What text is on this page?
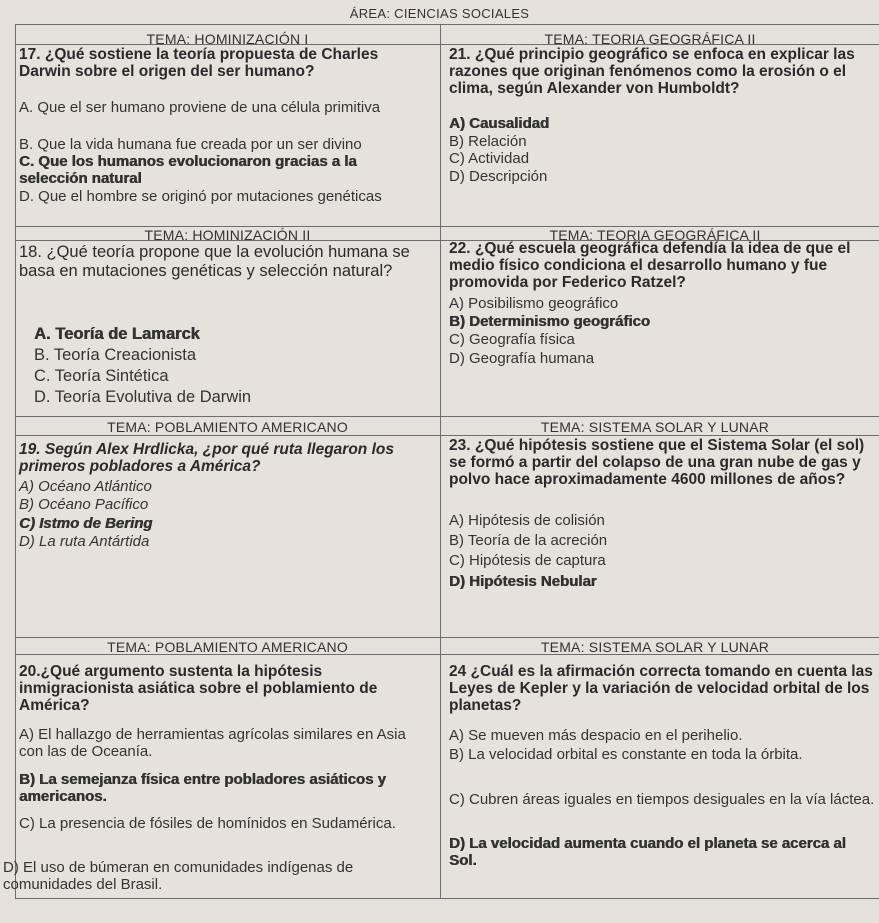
ÁREA: CIENCIAS SOCIALES
TEMA: HOMINIZACIÓN I
17. ¿Qué sostiene la teoría propuesta de Charles Darwin sobre el origen del ser humano?
A. Que el ser humano proviene de una célula primitiva
B. Que la vida humana fue creada por un ser divino
C. Que los humanos evolucionaron gracias a la selección natural
D. Que el hombre se originó por mutaciones genéticas
TEMA: TEORIA GEOGRÁFICA II
21. ¿Qué principio geográfico se enfoca en explicar las razones que originan fenómenos como la erosión o el clima, según Alexander von Humboldt?
A) Causalidad
B) Relación
C) Actividad
D) Descripción
TEMA: HOMINIZACIÓN II
18. ¿Qué teoría propone que la evolución humana se basa en mutaciones genéticas y selección natural?
A. Teoría de Lamarck
B. Teoría Creacionista
C. Teoría Sintética
D. Teoría Evolutiva de Darwin
TEMA: TEORIA GEOGRÁFICA II
22. ¿Qué escuela geográfica defendía la idea de que el medio físico condiciona el desarrollo humano y fue promovida por Federico Ratzel?
A) Posibilismo geográfico
B) Determinismo geográfico
C) Geografía física
D) Geografía humana
TEMA: POBLAMIENTO AMERICANO
19. Según Alex Hrdlicka, ¿por qué ruta llegaron los primeros pobladores a América?
A) Océano Atlántico
B) Océano Pacífico
C) Istmo de Bering
D) La ruta Antártida
TEMA: SISTEMA SOLAR Y LUNAR
23. ¿Qué hipótesis sostiene que el Sistema Solar (el sol) se formó a partir del colapso de una gran nube de gas y polvo hace aproximadamente 4600 millones de años?
A) Hipótesis de colisión
B) Teoría de la acreción
C) Hipótesis de captura
D) Hipótesis Nebular
TEMA: POBLAMIENTO AMERICANO
20.¿Qué argumento sustenta la hipótesis inmigracionista asiática sobre el poblamiento de América?
A) El hallazgo de herramientas agrícolas similares en Asia con las de Oceanía.
B) La semejanza física entre pobladores asiáticos y americanos.
C) La presencia de fósiles de homínidos en Sudamérica.
D) El uso de búmeran en comunidades indígenas de comunidades del Brasil.
TEMA: SISTEMA SOLAR Y LUNAR
24 ¿Cuál es la afirmación correcta tomando en cuenta las Leyes de Kepler y la variación de velocidad orbital de los planetas?
A) Se mueven más despacio en el perihelio.
B) La velocidad orbital es constante en toda la órbita.
C) Cubren áreas iguales en tiempos desiguales en la vía láctea.
D) La velocidad aumenta cuando el planeta se acerca al Sol.
